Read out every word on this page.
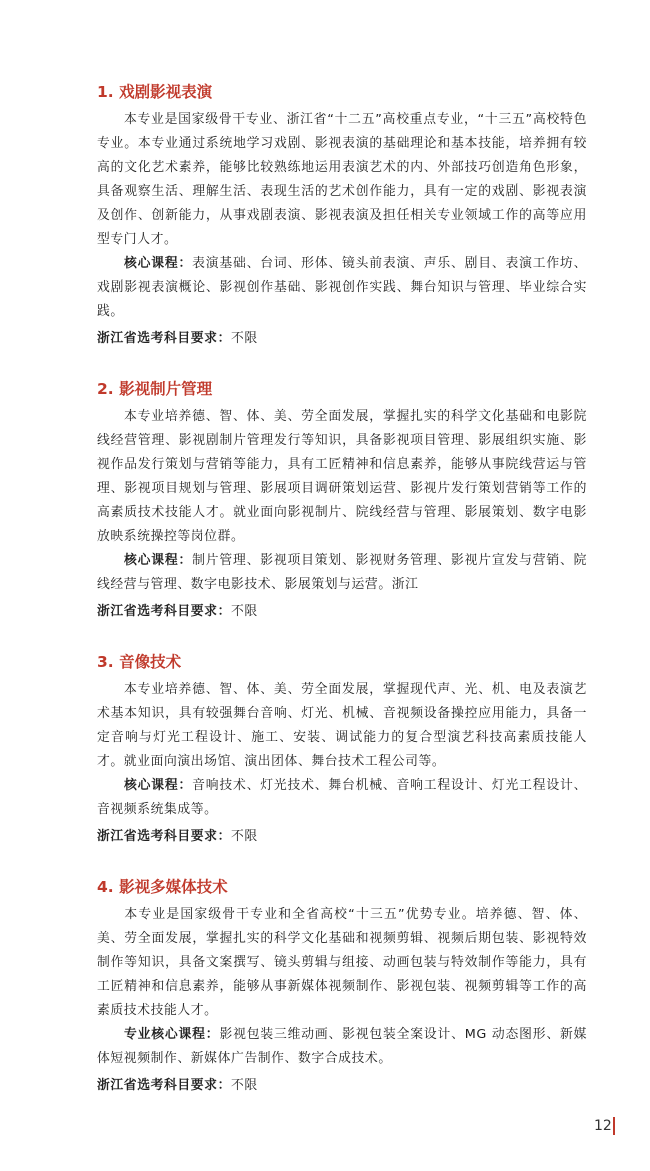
1. 戏剧影视表演

  本专业是国家级骨干专业、浙江省“十二五”高校重点专业，“十三五”高校特色专业。本专业通过系统地学习戏剧、影视表演的基础理论和基本技能，培养拥有较高的文化艺术素养，能够比较熟练地运用表演艺术的内、外部技巧创造角色形象，具备观察生活、理解生活、表现生活的艺术创作能力，具有一定的戏剧、影视表演及创作、创新能力，从事戏剧表演、影视表演及担任相关专业领域工作的高等应用型专门人才。

  核心课程：表演基础、台词、形体、镜头前表演、声乐、剧目、表演工作坊、戏剧影视表演概论、影视创作基础、影视创作实践、舞台知识与管理、毕业综合实践。

浙江省选考科目要求：不限

2. 影视制片管理

  本专业培养德、智、体、美、劳全面发展，掌握扎实的科学文化基础和电影院线经营管理、影视剧制片管理发行等知识，具备影视项目管理、影展组织实施、影视作品发行策划与营销等能力，具有工匠精神和信息素养，能够从事院线营运与管理、影视项目规划与管理、影展项目调研策划运营、影视片发行策划营销等工作的高素质技术技能人才。就业面向影视制片、院线经营与管理、影展策划、数字电影放映系统操控等岗位群。

  核心课程：制片管理、影视项目策划、影视财务管理、影视片宣发与营销、院线经营与管理、数字电影技术、影展策划与运营。浙江

浙江省选考科目要求：不限

3. 音像技术

  本专业培养德、智、体、美、劳全面发展，掌握现代声、光、机、电及表演艺术基本知识，具有较强舞台音响、灯光、机械、音视频设备操控应用能力，具备一定音响与灯光工程设计、施工、安装、调试能力的复合型演艺科技高素质技能人才。就业面向演出场馆、演出团体、舞台技术工程公司等。

  核心课程：音响技术、灯光技术、舞台机械、音响工程设计、灯光工程设计、音视频系统集成等。

浙江省选考科目要求：不限

4. 影视多媒体技术

  本专业是国家级骨干专业和全省高校“十三五”优势专业。培养德、智、体、美、劳全面发展，掌握扎实的科学文化基础和视频剪辑、视频后期包装、影视特效制作等知识，具备文案撰写、镜头剪辑与组接、动画包装与特效制作等能力，具有工匠精神和信息素养，能够从事新媒体视频制作、影视包装、视频剪辑等工作的高素质技术技能人才。

  专业核心课程：影视包装三维动画、影视包装全案设计、MG 动态图形、新媒体短视频制作、新媒体广告制作、数字合成技术。

浙江省选考科目要求：不限

12
